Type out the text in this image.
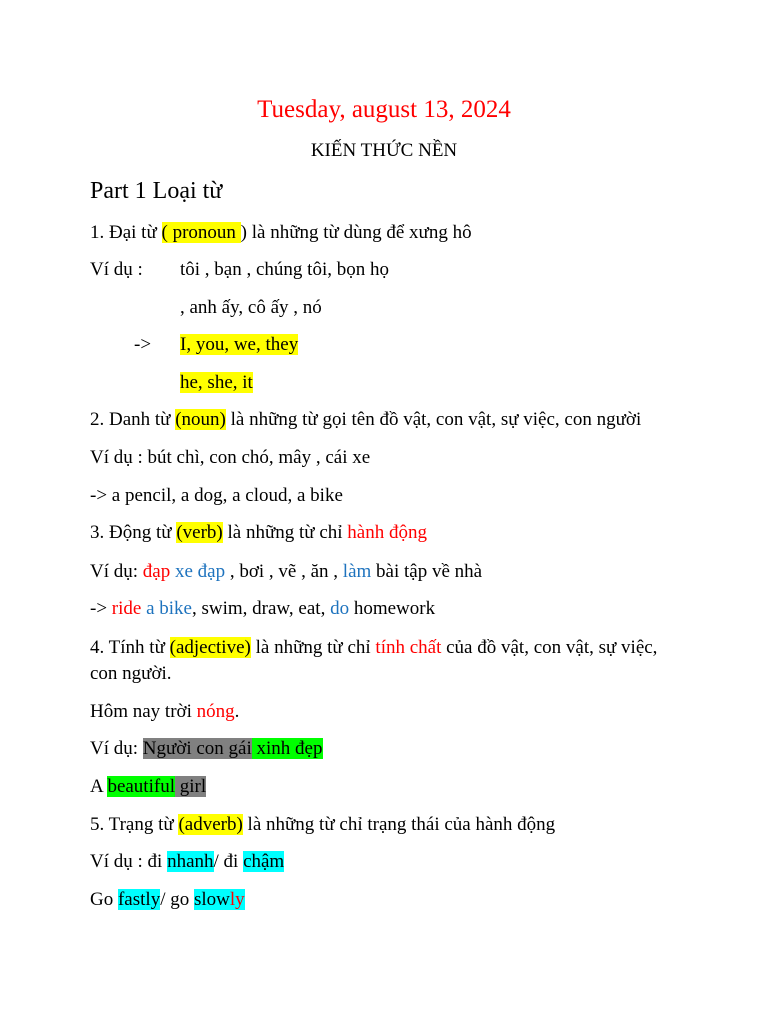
Tuesday, august 13, 2024
KIẾN THỨC NỀN
Part 1 Loại từ
1. Đại từ ( pronoun ) là những từ dùng để xưng hô
Ví dụ : tôi , bạn , chúng tôi, bọn họ
, anh ấy, cô ấy , nó
-> I, you, we, they
he, she, it
2. Danh từ (noun) là những từ gọi tên đồ vật, con vật, sự việc, con người
Ví dụ : bút chì, con chó, mây , cái xe
-> a pencil, a dog, a cloud, a bike
3. Động từ (verb) là những từ chỉ hành động
Ví dụ: đạp xe đạp , bơi , vẽ , ăn , làm bài tập về nhà
-> ride a bike, swim, draw, eat, do homework
4. Tính từ (adjective) là những từ chỉ tính chất của đồ vật, con vật, sự việc, con người.
Hôm nay trời nóng.
Ví dụ: Người con gái xinh đẹp
A beautiful girl
5. Trạng từ (adverb) là những từ chỉ trạng thái của hành động
Ví dụ : đi nhanh/ đi chậm
Go fastly/ go slowly
